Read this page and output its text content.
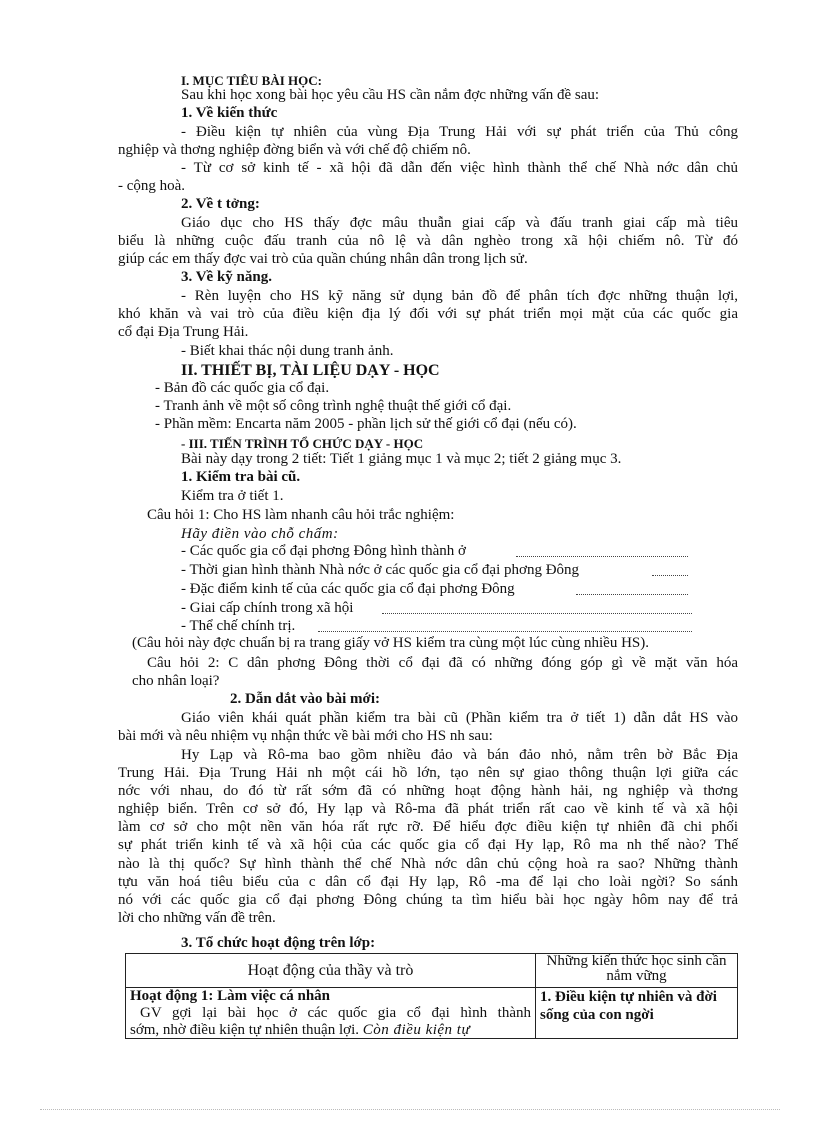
I. MỤC TIÊU BÀI HỌC:
Sau khi học xong bài học yêu cầu HS cần nắm đợc những vấn đề sau:
1. Về kiến thức
- Điều kiện tự nhiên của vùng Địa Trung Hải với sự phát triển của Thủ công
nghiệp và thơng nghiệp đờng biển và với chế độ chiếm nô.
- Từ cơ sở kinh tế - xã hội đã dẫn đến việc hình thành thể chế Nhà nớc dân chủ
- cộng hoà.
2. Về t tởng:
Giáo dục cho HS thấy đợc mâu thuẫn giai cấp và đấu tranh giai cấp mà tiêu
biểu là những cuộc đấu tranh của nô lệ và dân nghèo trong xã hội chiếm nô. Từ đó
giúp các em thấy đợc vai trò của quần chúng nhân dân trong lịch sử.
3. Về kỹ năng.
- Rèn luyện cho HS kỹ năng sử dụng bản đồ để phân tích đợc những thuận lợi,
khó khăn và vai trò của điều kiện địa lý đối với sự phát triển mọi mặt của các quốc gia
cổ đại Địa Trung Hải.
- Biết khai thác nội dung tranh ảnh.
II. THIẾT BỊ, TÀI LIỆU DẠY - HỌC
- Bản đồ các quốc gia cổ đại.
- Tranh ảnh về một số công trình nghệ thuật thế giới cổ đại.
- Phần mềm: Encarta năm 2005 - phần lịch sử thế giới cổ đại (nếu có).
- III. TIẾN TRÌNH TỔ CHỨC DẠY - HỌC
Bài này dạy trong 2 tiết: Tiết 1 giảng mục 1 và mục 2; tiết 2 giảng mục 3.
1. Kiểm tra bài cũ.
Kiểm tra ở tiết 1.
Câu hỏi 1: Cho HS làm nhanh câu hỏi trắc nghiệm:
Hãy điền vào chỗ chấm:
- Các quốc gia cổ đại phơng Đông hình thành ở
- Thời gian hình thành Nhà nớc ở các quốc gia cổ đại phơng Đông
- Đặc điểm kinh tế của các quốc gia cổ đại phơng Đông
- Giai cấp chính trong xã hội
- Thể chế chính trị.
(Câu hỏi này đợc chuẩn bị ra trang giấy vở HS kiểm tra cùng một lúc cùng nhiều HS).
Câu hỏi 2: C dân phơng Đông thời cổ đại đã có những đóng góp gì về mặt văn hóa
cho nhân loại?
2. Dẫn dắt vào bài mới:
Giáo viên khái quát phần kiểm tra bài cũ (Phần kiểm tra ở tiết 1) dẫn dắt HS vào
bài mới và nêu nhiệm vụ nhận thức về bài mới cho HS nh sau:
Hy Lạp và Rô-ma bao gồm nhiều đảo và bán đảo nhỏ, nằm trên bờ Bắc Địa
Trung Hải. Địa Trung Hải nh một cái hồ lớn, tạo nên sự giao thông thuận lợi giữa các
nớc với nhau, do đó từ rất sớm đã có những hoạt động hành hải, ng nghiệp và thơng
nghiệp biển. Trên cơ sở đó, Hy lạp và Rô-ma đã phát triển rất cao về kinh tế và xã hội
làm cơ sở cho một nền văn hóa rất rực rỡ. Để hiểu đợc điều kiện tự nhiên đã chi phối
sự phát triển kinh tế và xã hội của các quốc gia cổ đại Hy lạp, Rô ma nh thế nào? Thế
nào là thị quốc? Sự hình thành thể chế Nhà nớc dân chủ cộng hoà ra sao? Những thành
tựu văn hoá tiêu biểu của c dân cổ đại Hy lạp, Rô -ma để lại cho loài ngời? So sánh
nó với các quốc gia cổ đại phơng Đông chúng ta tìm hiểu bài học ngày hôm nay để trả
lời cho những vấn đề trên.
3. Tổ chức hoạt động trên lớp:
Hoạt động của thầy và trò	Những kiến thức học sinh cần nắm vững

Hoạt động 1: Làm việc cá nhân
GV gợi lại bài học ở các quốc gia cổ đại hình thành
sớm, nhờ điều kiện tự nhiên thuận lợi. Còn điều kiện tự	1. Điều kiện tự nhiên và đời sống của con ngời
